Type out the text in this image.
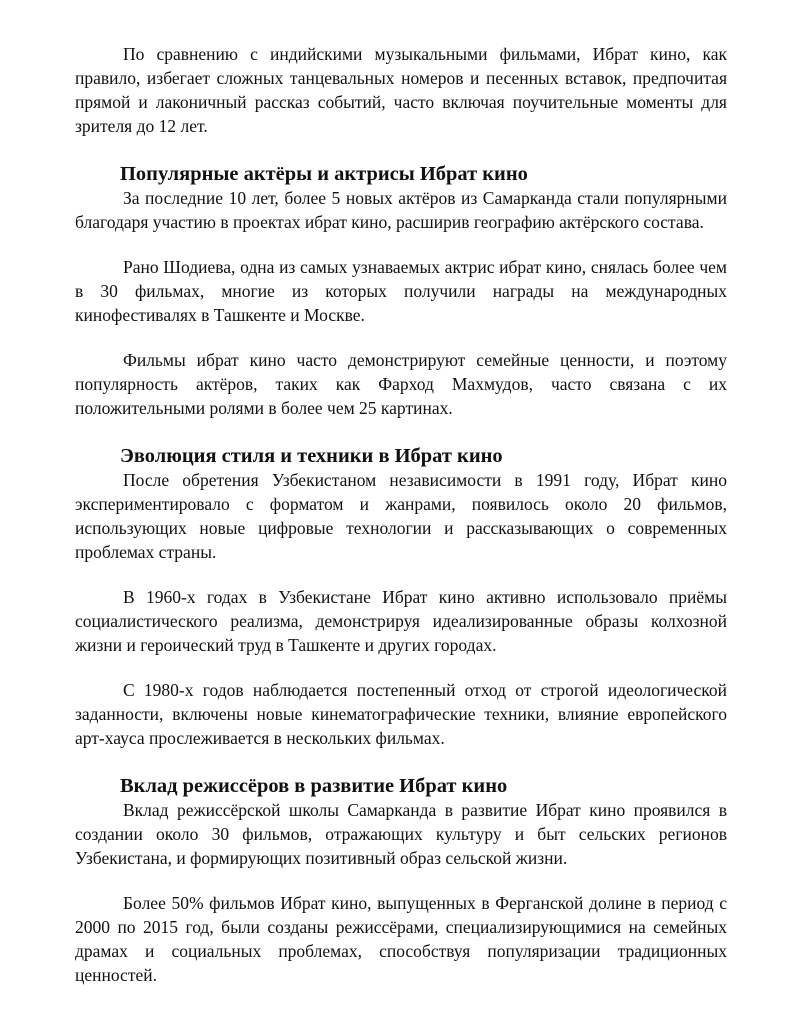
По сравнению с индийскими музыкальными фильмами, Ибрат кино, как правило, избегает сложных танцевальных номеров и песенных вставок, предпочитая прямой и лаконичный рассказ событий, часто включая поучительные моменты для зрителя до 12 лет.

Популярные актёры и актрисы Ибрат кино

За последние 10 лет, более 5 новых актёров из Самарканда стали популярными благодаря участию в проектах ибрат кино, расширив географию актёрского состава.

Рано Шодиева, одна из самых узнаваемых актрис ибрат кино, снялась более чем в 30 фильмах, многие из которых получили награды на международных кинофестивалях в Ташкенте и Москве.

Фильмы ибрат кино часто демонстрируют семейные ценности, и поэтому популярность актёров, таких как Фарход Махмудов, часто связана с их положительными ролями в более чем 25 картинах.

Эволюция стиля и техники в Ибрат кино

После обретения Узбекистаном независимости в 1991 году, Ибрат кино экспериментировало с форматом и жанрами, появилось около 20 фильмов, использующих новые цифровые технологии и рассказывающих о современных проблемах страны.

В 1960-х годах в Узбекистане Ибрат кино активно использовало приёмы социалистического реализма, демонстрируя идеализированные образы колхозной жизни и героический труд в Ташкенте и других городах.

С 1980-х годов наблюдается постепенный отход от строгой идеологической заданности, включены новые кинематографические техники, влияние европейского арт-хауса прослеживается в нескольких фильмах.

Вклад режиссёров в развитие Ибрат кино

Вклад режиссёрской школы Самарканда в развитие Ибрат кино проявился в создании около 30 фильмов, отражающих культуру и быт сельских регионов Узбекистана, и формирующих позитивный образ сельской жизни.

Более 50% фильмов Ибрат кино, выпущенных в Ферганской долине в период с 2000 по 2015 год, были созданы режиссёрами, специализирующимися на семейных драмах и социальных проблемах, способствуя популяризации традиционных ценностей.
